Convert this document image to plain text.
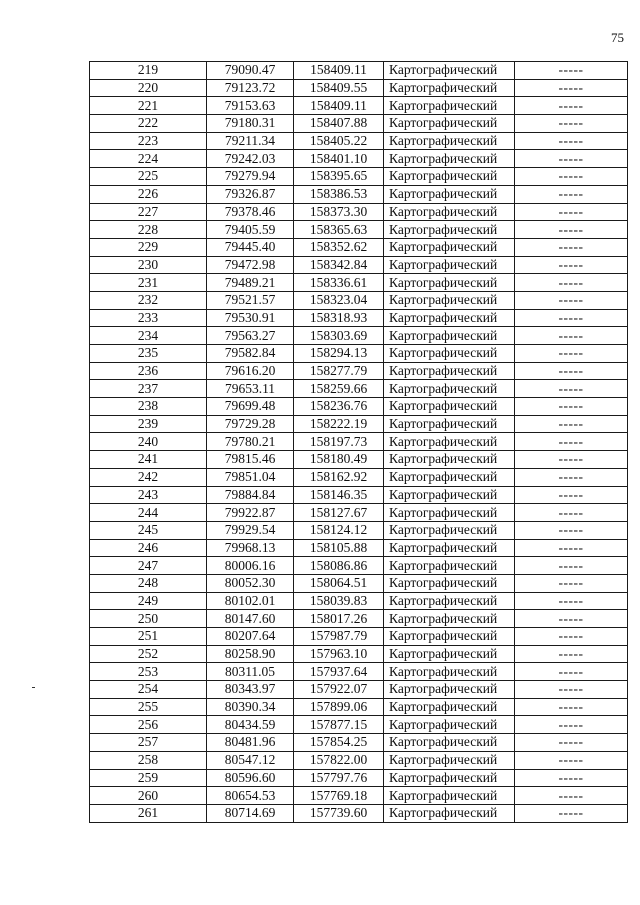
75
219	79090.47	158409.11	Картографический	-----
220	79123.72	158409.55	Картографический	-----
221	79153.63	158409.11	Картографический	-----
222	79180.31	158407.88	Картографический	-----
223	79211.34	158405.22	Картографический	-----
224	79242.03	158401.10	Картографический	-----
225	79279.94	158395.65	Картографический	-----
226	79326.87	158386.53	Картографический	-----
227	79378.46	158373.30	Картографический	-----
228	79405.59	158365.63	Картографический	-----
229	79445.40	158352.62	Картографический	-----
230	79472.98	158342.84	Картографический	-----
231	79489.21	158336.61	Картографический	-----
232	79521.57	158323.04	Картографический	-----
233	79530.91	158318.93	Картографический	-----
234	79563.27	158303.69	Картографический	-----
235	79582.84	158294.13	Картографический	-----
236	79616.20	158277.79	Картографический	-----
237	79653.11	158259.66	Картографический	-----
238	79699.48	158236.76	Картографический	-----
239	79729.28	158222.19	Картографический	-----
240	79780.21	158197.73	Картографический	-----
241	79815.46	158180.49	Картографический	-----
242	79851.04	158162.92	Картографический	-----
243	79884.84	158146.35	Картографический	-----
244	79922.87	158127.67	Картографический	-----
245	79929.54	158124.12	Картографический	-----
246	79968.13	158105.88	Картографический	-----
247	80006.16	158086.86	Картографический	-----
248	80052.30	158064.51	Картографический	-----
249	80102.01	158039.83	Картографический	-----
250	80147.60	158017.26	Картографический	-----
251	80207.64	157987.79	Картографический	-----
252	80258.90	157963.10	Картографический	-----
253	80311.05	157937.64	Картографический	-----
254	80343.97	157922.07	Картографический	-----
255	80390.34	157899.06	Картографический	-----
256	80434.59	157877.15	Картографический	-----
257	80481.96	157854.25	Картографический	-----
258	80547.12	157822.00	Картографический	-----
259	80596.60	157797.76	Картографический	-----
260	80654.53	157769.18	Картографический	-----
261	80714.69	157739.60	Картографический	-----
